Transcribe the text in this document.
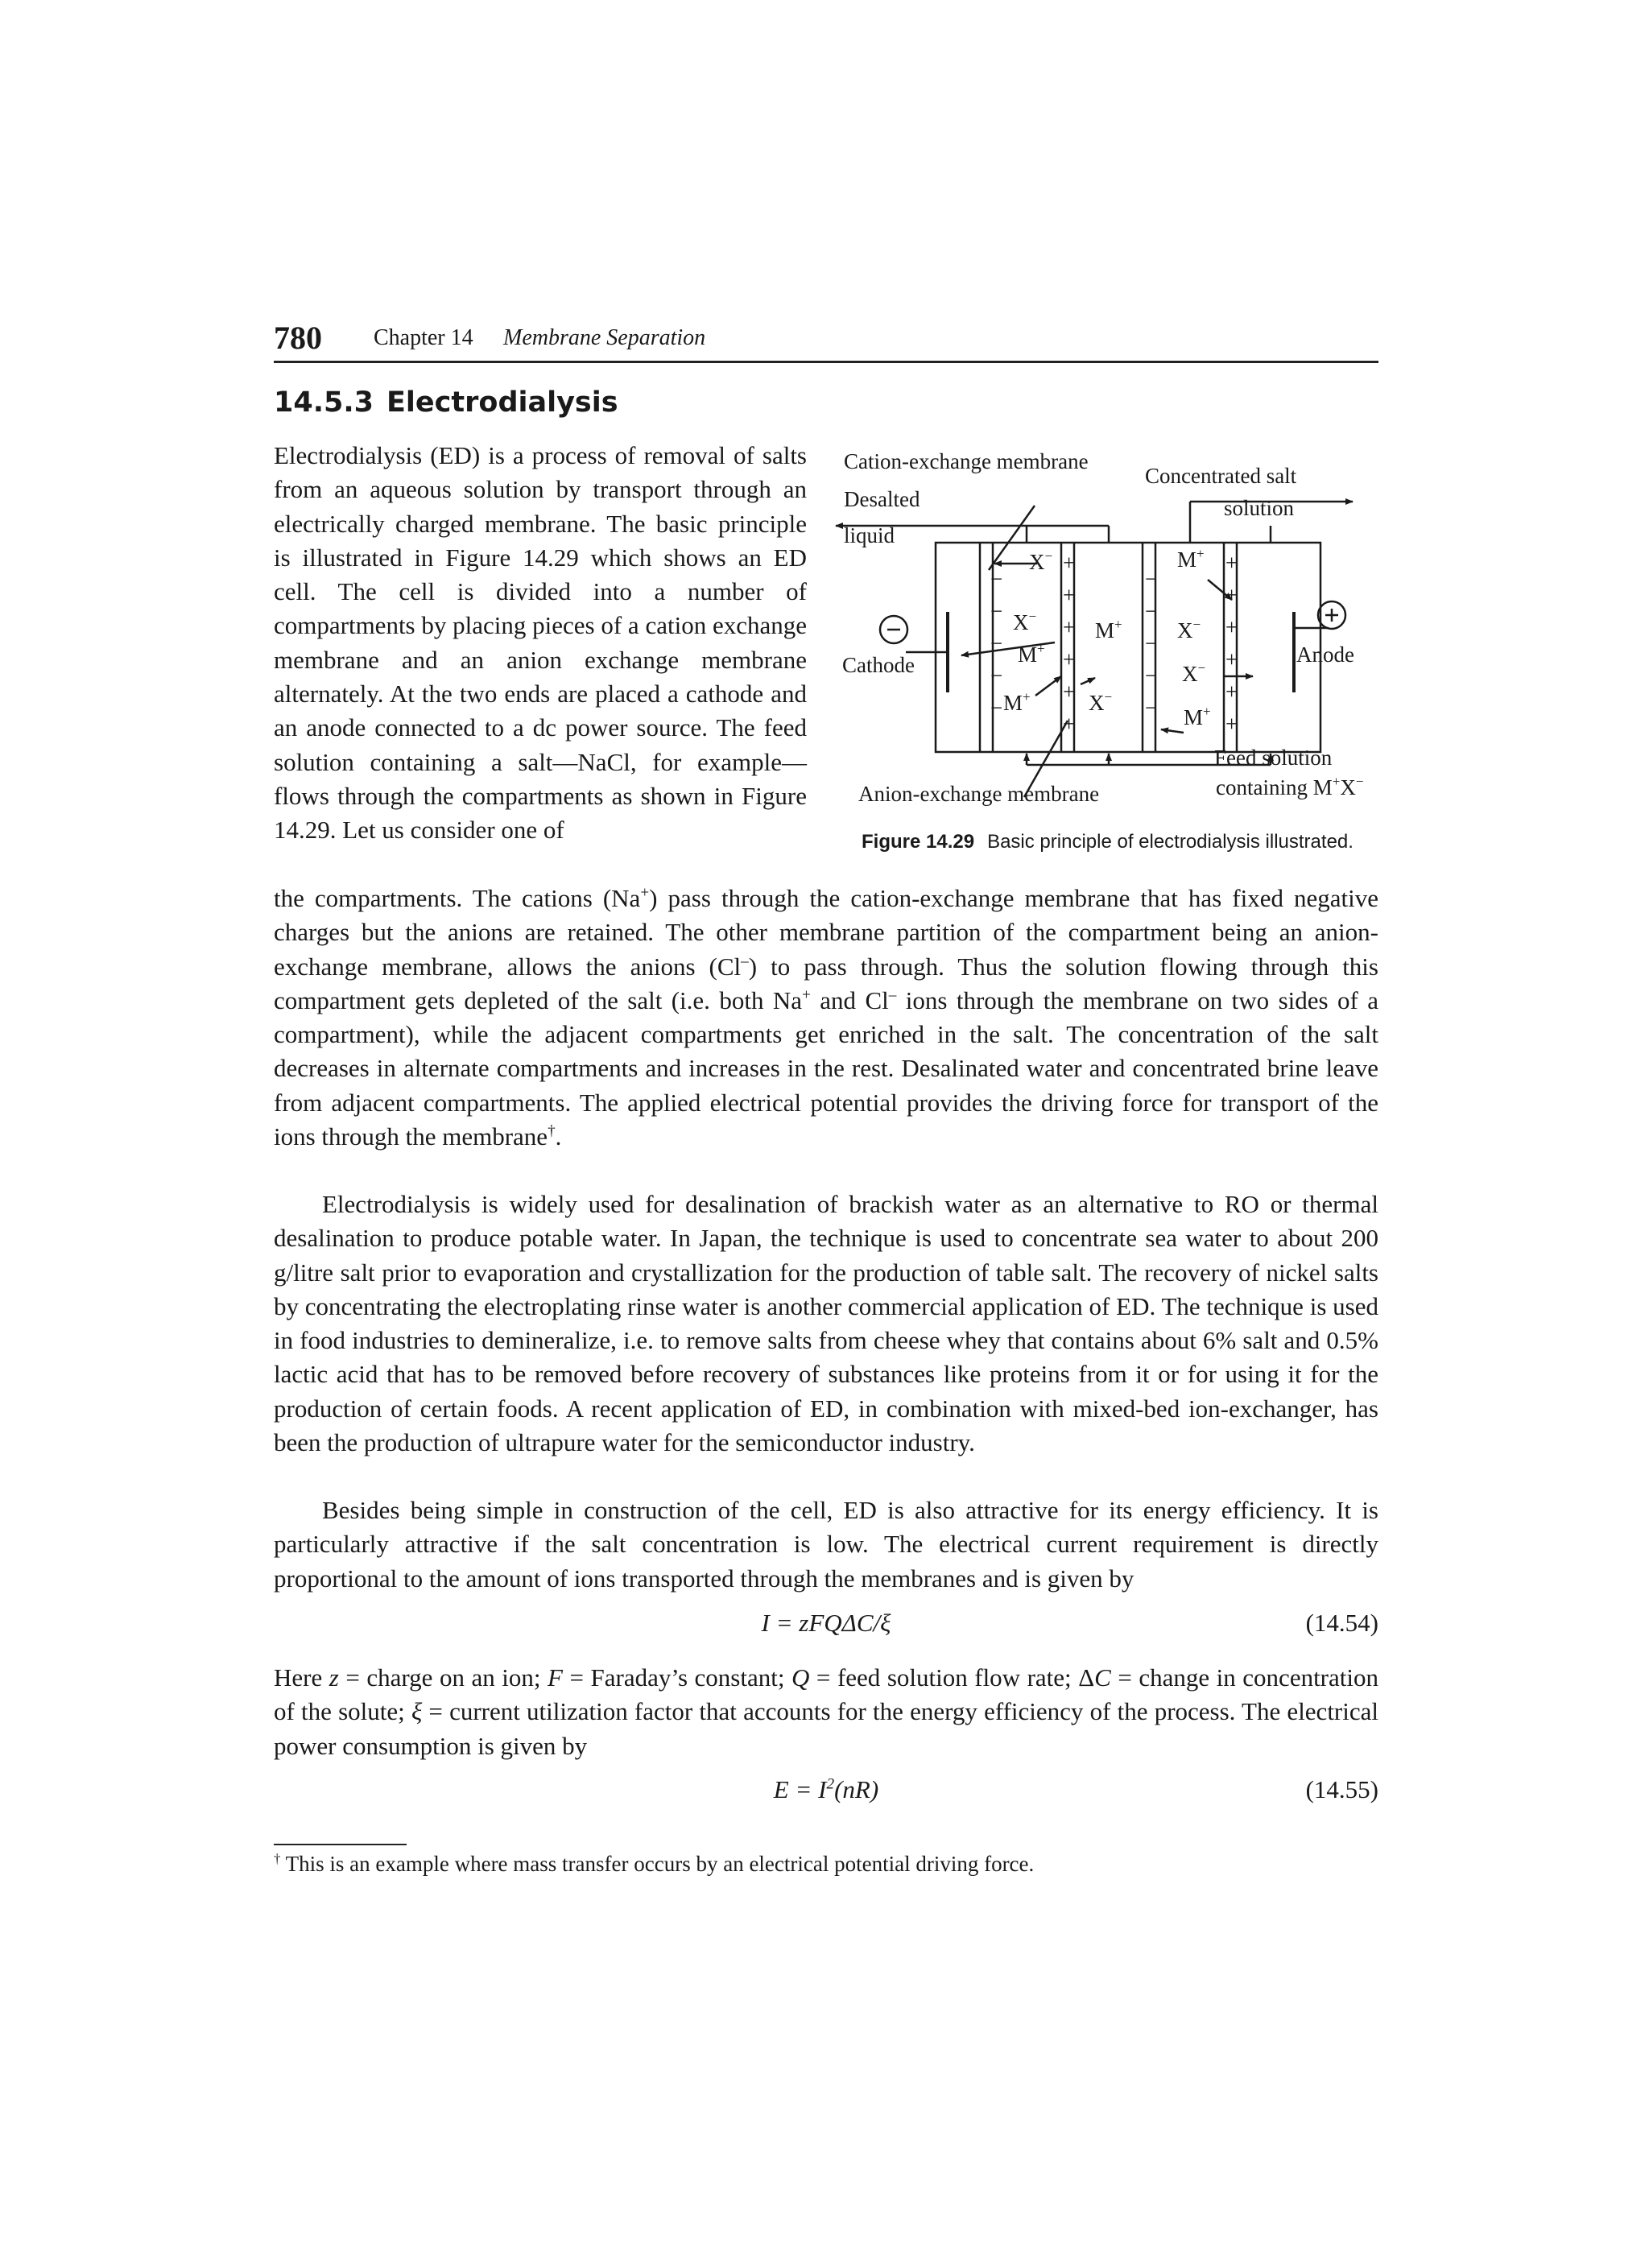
780 Chapter 14 Membrane Separation
14.5.3 Electrodialysis
Electrodialysis (ED) is a process of removal of salts from an aqueous solution by transport through an electrically charged membrane. The basic principle is illustrated in Figure 14.29 which shows an ED cell. The cell is divided into a number of compartments by placing pieces of a cation exchange membrane and an anion exchange membrane alternately. At the two ends are placed a cathode and an anode connected to a dc power source. The feed solution containing a salt—NaCl, for example—flows through the compartments as shown in Figure 14.29. Let us consider one of
the compartments. The cations (Na+) pass through the cation-exchange membrane that has fixed negative charges but the anions are retained. The other membrane partition of the compartment being an anion-exchange membrane, allows the anions (Cl–) to pass through. Thus the solution flowing through this compartment gets depleted of the salt (i.e. both Na+ and Cl– ions through the membrane on two sides of a compartment), while the adjacent compartments get enriched in the salt. The concentration of the salt decreases in alternate compartments and increases in the rest. Desalinated water and concentrated brine leave from adjacent compartments. The applied electrical potential provides the driving force for transport of the ions through the membrane†.
Electrodialysis is widely used for desalination of brackish water as an alternative to RO or thermal desalination to produce potable water. In Japan, the technique is used to concentrate sea water to about 200 g/litre salt prior to evaporation and crystallization for the production of table salt. The recovery of nickel salts by concentrating the electroplating rinse water is another commercial application of ED. The technique is used in food industries to demineralize, i.e. to remove salts from cheese whey that contains about 6% salt and 0.5% lactic acid that has to be removed before recovery of substances like proteins from it or for using it for the production of certain foods. A recent application of ED, in combination with mixed-bed ion-exchanger, has been the production of ultrapure water for the semiconductor industry.
Besides being simple in construction of the cell, ED is also attractive for its energy efficiency. It is particularly attractive if the salt concentration is low. The electrical current requirement is directly proportional to the amount of ions transported through the membranes and is given by
I = zFQΔC/ξ	(14.54)
Here z = charge on an ion; F = Faraday’s constant; Q = feed solution flow rate; ΔC = change in concentration of the solute; ξ = current utilization factor that accounts for the energy efficiency of the process. The electrical power consumption is given by
$E = I^2(nR)$	(14.55)
† This is an example where mass transfer occurs by an electrical potential driving force.
−
−
−
−
−
+
+
+
+
+
+
−
−
−
−
−
+
+
+
+
+
+
X−
X−
M+
M+
M+	X−
M+
X−
X−
M+
Cation-exchange membrane
Concentrated salt
solution
Desalted
liquid
Cathode	Anode
Feed solution
containing M+X−
Anion-exchange membrane
Figure 14.29 Basic principle of electrodialysis illustrated.
